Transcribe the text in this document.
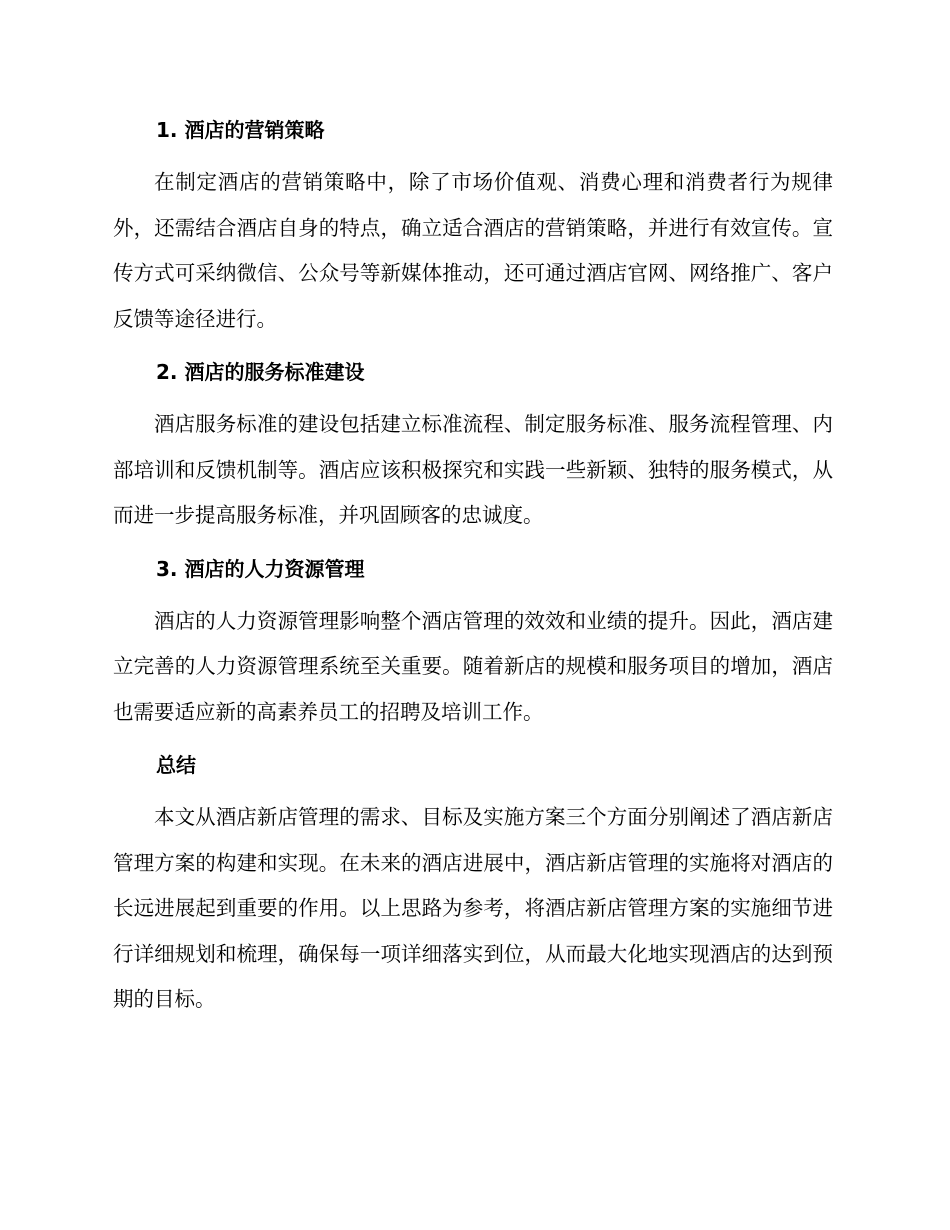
1. 酒店的营销策略

在制定酒店的营销策略中，除了市场价值观、消费心理和消费者行为规律外，还需结合酒店自身的特点，确立适合酒店的营销策略，并进行有效宣传。宣传方式可采纳微信、公众号等新媒体推动，还可通过酒店官网、网络推广、客户反馈等途径进行。

2. 酒店的服务标准建设

酒店服务标准的建设包括建立标准流程、制定服务标准、服务流程管理、内部培训和反馈机制等。酒店应该积极探究和实践一些新颖、独特的服务模式，从而进一步提高服务标准，并巩固顾客的忠诚度。

3. 酒店的人力资源管理

酒店的人力资源管理影响整个酒店管理的效效和业绩的提升。因此，酒店建立完善的人力资源管理系统至关重要。随着新店的规模和服务项目的增加，酒店也需要适应新的高素养员工的招聘及培训工作。

总结

本文从酒店新店管理的需求、目标及实施方案三个方面分别阐述了酒店新店管理方案的构建和实现。在未来的酒店进展中，酒店新店管理的实施将对酒店的长远进展起到重要的作用。以上思路为参考，将酒店新店管理方案的实施细节进行详细规划和梳理，确保每一项详细落实到位，从而最大化地实现酒店的达到预期的目标。
